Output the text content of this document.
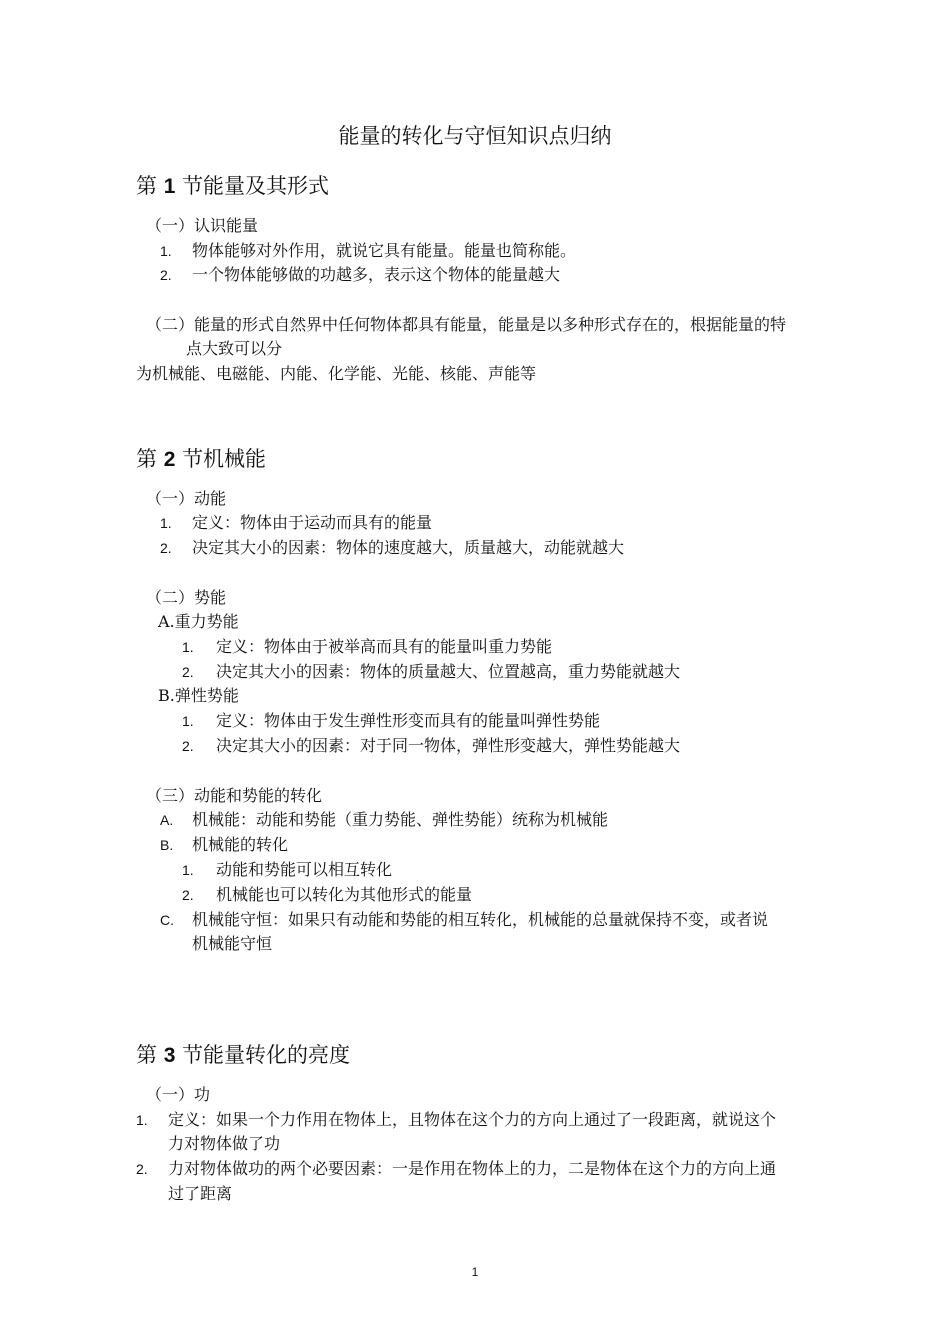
能量的转化与守恒知识点归纳
第 1 节能量及其形式
（一）认识能量
1. 物体能够对外作用，就说它具有能量。能量也简称能。
2. 一个物体能够做的功越多，表示这个物体的能量越大
（二）能量的形式自然界中任何物体都具有能量，能量是以多种形式存在的，根据能量的特
点大致可以分
为机械能、电磁能、内能、化学能、光能、核能、声能等
第 2 节机械能
（一）动能
1. 定义：物体由于运动而具有的能量
2. 决定其大小的因素：物体的速度越大，质量越大，动能就越大
（二）势能
A.重力势能
1. 定义：物体由于被举高而具有的能量叫重力势能
2. 决定其大小的因素：物体的质量越大、位置越高，重力势能就越大
B.弹性势能
1. 定义：物体由于发生弹性形变而具有的能量叫弹性势能
2. 决定其大小的因素：对于同一物体，弹性形变越大，弹性势能越大
（三）动能和势能的转化
A. 机械能：动能和势能（重力势能、弹性势能）统称为机械能
B. 机械能的转化
1. 动能和势能可以相互转化
2. 机械能也可以转化为其他形式的能量
C. 机械能守恒：如果只有动能和势能的相互转化，机械能的总量就保持不变，或者说
机械能守恒
第 3 节能量转化的亮度
（一）功
1. 定义：如果一个力作用在物体上，且物体在这个力的方向上通过了一段距离，就说这个
力对物体做了功
2. 力对物体做功的两个必要因素：一是作用在物体上的力，二是物体在这个力的方向上通
过了距离
1
